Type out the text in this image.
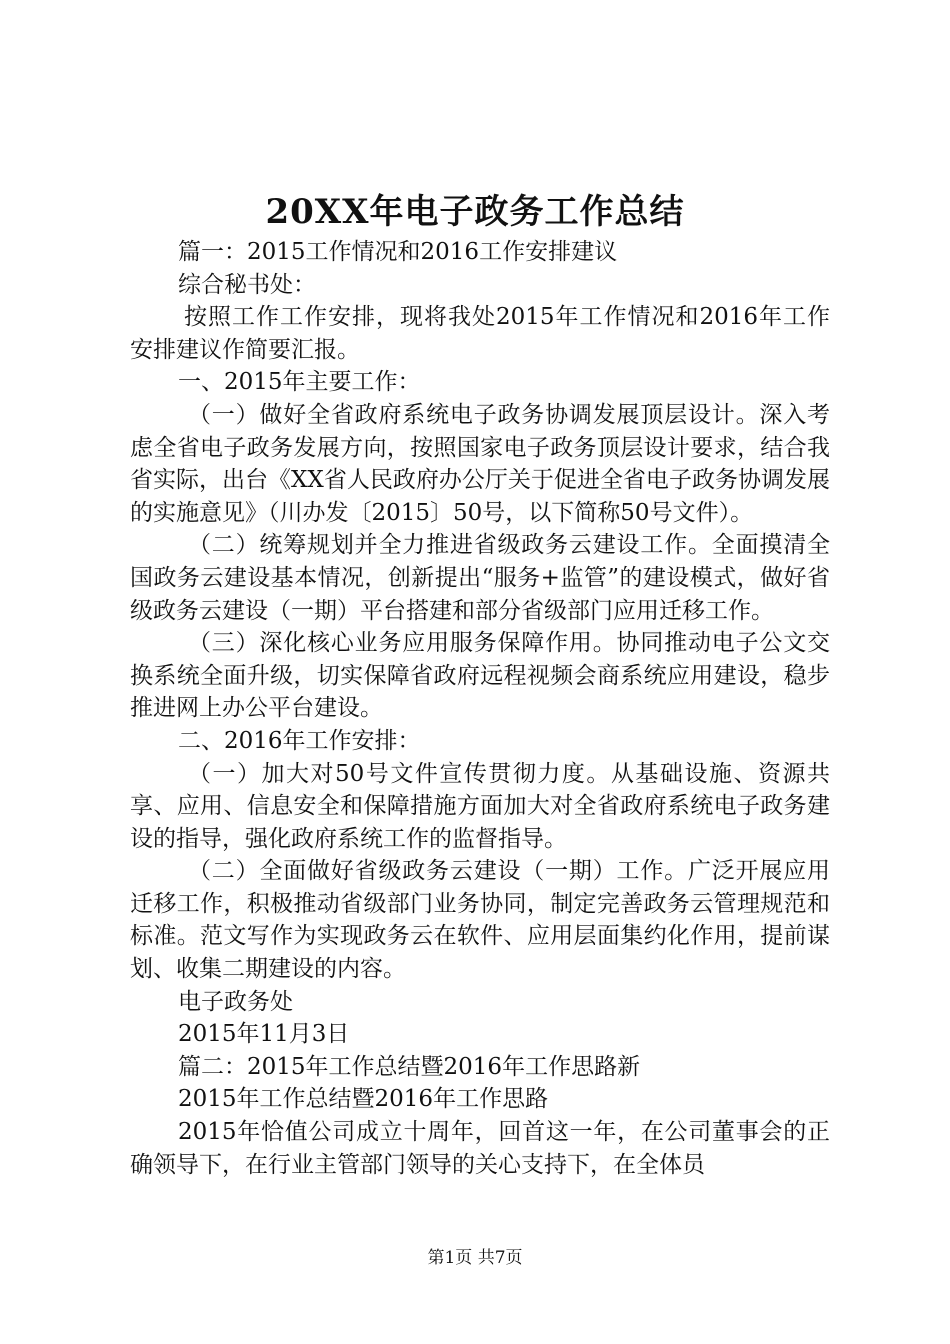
20XX年电子政务工作总结

篇一：2015工作情况和2016工作安排建议

综合秘书处：

按照工作工作安排，现将我处2015年工作情况和2016年工作安排建议作简要汇报。

一、2015年主要工作：

（一）做好全省政府系统电子政务协调发展顶层设计。深入考虑全省电子政务发展方向，按照国家电子政务顶层设计要求，结合我省实际，出台《XX省人民政府办公厅关于促进全省电子政务协调发展的实施意见》（川办发〔2015〕50号，以下简称50号文件）。

（二）统筹规划并全力推进省级政务云建设工作。全面摸清全国政务云建设基本情况，创新提出“服务+监管”的建设模式，做好省级政务云建设（一期）平台搭建和部分省级部门应用迁移工作。

（三）深化核心业务应用服务保障作用。协同推动电子公文交换系统全面升级，切实保障省政府远程视频会商系统应用建设，稳步推进网上办公平台建设。

二、2016年工作安排：

（一）加大对50号文件宣传贯彻力度。从基础设施、资源共享、应用、信息安全和保障措施方面加大对全省政府系统电子政务建设的指导，强化政府系统工作的监督指导。

（二）全面做好省级政务云建设（一期）工作。广泛开展应用迁移工作，积极推动省级部门业务协同，制定完善政务云管理规范和标准。范文写作为实现政务云在软件、应用层面集约化作用，提前谋划、收集二期建设的内容。

电子政务处

2015年11月3日

篇二：2015年工作总结暨2016年工作思路新

2015年工作总结暨2016年工作思路

2015年恰值公司成立十周年，回首这一年，在公司董事会的正确领导下，在行业主管部门领导的关心支持下，在全体员

第1页 共7页
